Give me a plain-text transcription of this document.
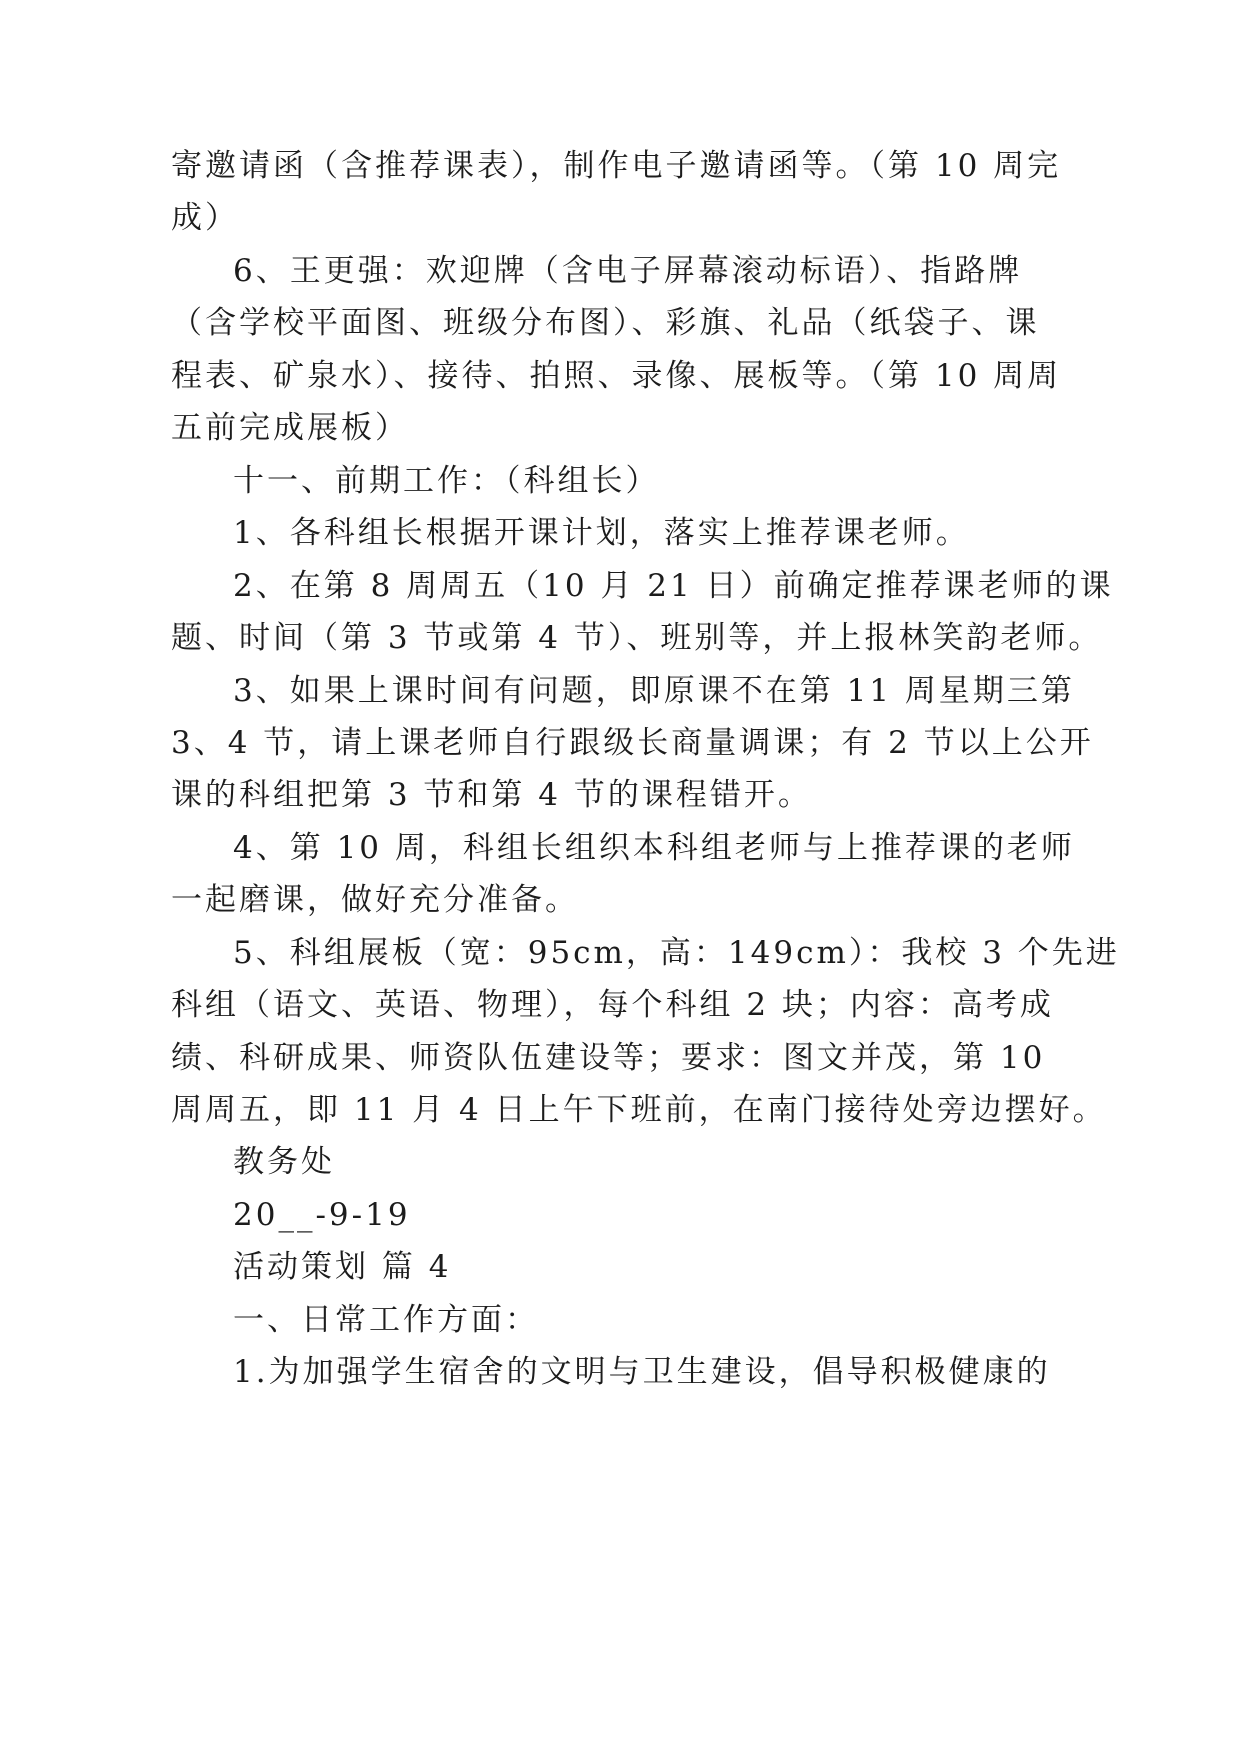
寄邀请函（含推荐课表），制作电子邀请函等。（第 10 周完
成）
6、王更强：欢迎牌（含电子屏幕滚动标语）、指路牌
（含学校平面图、班级分布图）、彩旗、礼品（纸袋子、课
程表、矿泉水）、接待、拍照、录像、展板等。（第 10 周周
五前完成展板）
十一、前期工作：（科组长）
1、各科组长根据开课计划，落实上推荐课老师。
2、在第 8 周周五（10 月 21 日）前确定推荐课老师的课
题、时间（第 3 节或第 4 节）、班别等，并上报林笑韵老师。
3、如果上课时间有问题，即原课不在第 11 周星期三第
3、4 节，请上课老师自行跟级长商量调课；有 2 节以上公开
课的科组把第 3 节和第 4 节的课程错开。
4、第 10 周，科组长组织本科组老师与上推荐课的老师
一起磨课，做好充分准备。
5、科组展板（宽：95cm，高：149cm）：我校 3 个先进
科组（语文、英语、物理），每个科组 2 块；内容：高考成
绩、科研成果、师资队伍建设等；要求：图文并茂，第 10
周周五，即 11 月 4 日上午下班前，在南门接待处旁边摆好。
教务处
20__-9-19
活动策划 篇 4
一、日常工作方面：
1.为加强学生宿舍的文明与卫生建设，倡导积极健康的
